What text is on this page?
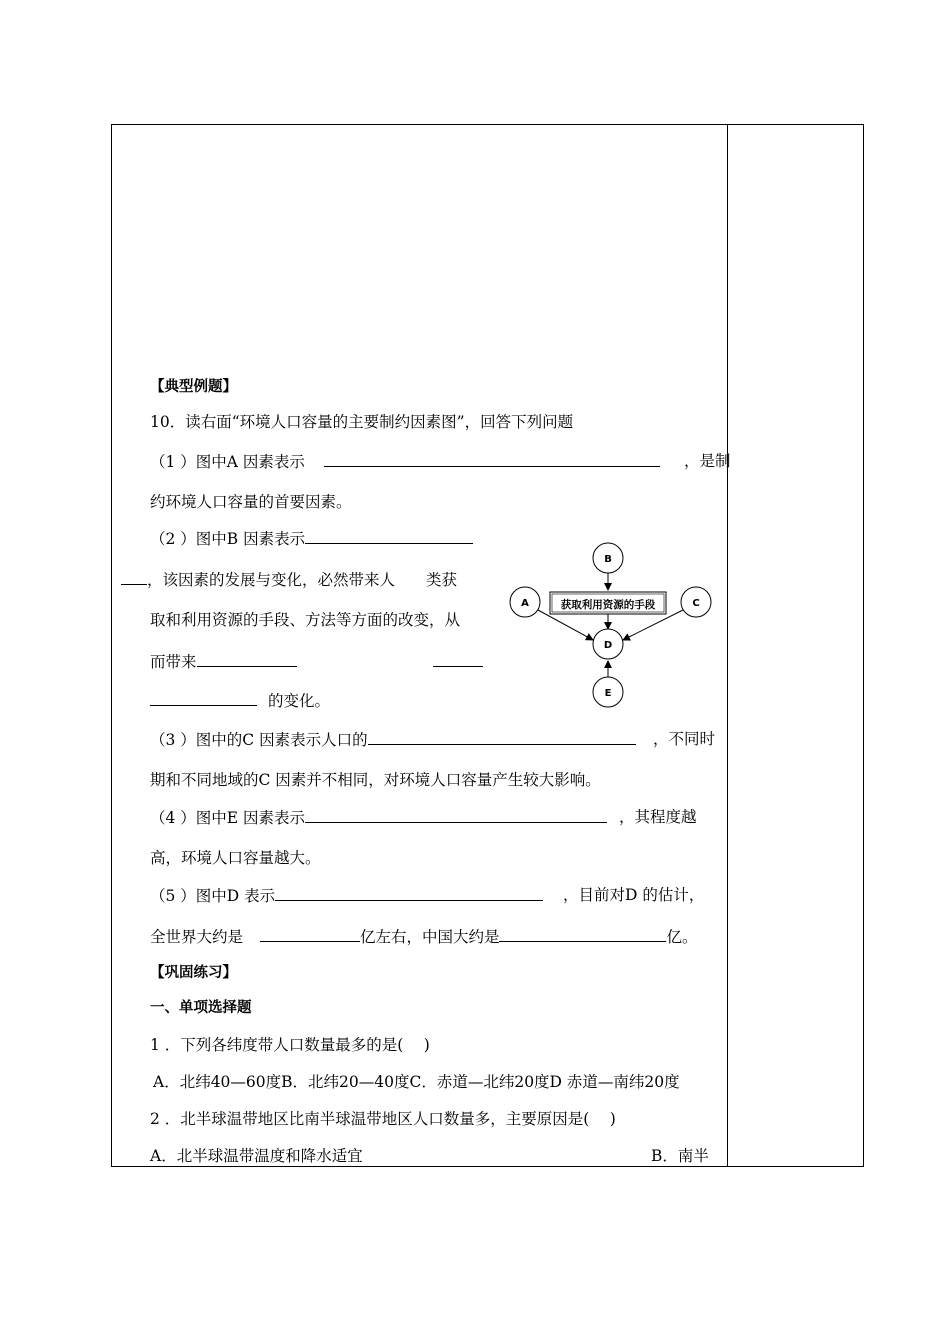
【典型例题】
10．读右面“环境人口容量的主要制约因素图”，回答下列问题
（1 ）图中A 因素表示	，是制
约环境人口容量的首要因素。
（2 ）图中B 因素表示
，该因素的发展与变化，必然带来人　　类获
取和利用资源的手段、方法等方面的改变，从
而带来
的变化。
B
获取利用资源的手段
A	C
D
E
（3 ）图中的C 因素表示人口的	，不同时
期和不同地域的C 因素并不相同，对环境人口容量产生较大影响。
（4 ）图中E 因素表示	，其程度越
高，环境人口容量越大。
（5 ）图中D 表示	，目前对D 的估计，
全世界大约是	亿左右，中国大约是	亿。
【巩固练习】
一、单项选择题
1 ．下列各纬度带人口数量最多的是(　 )
A．北纬40—60度B．北纬20—40度C．赤道—北纬20度D 赤道—南纬20度
2 ．北半球温带地区比南半球温带地区人口数量多，主要原因是(　 )
A．北半球温带温度和降水适宜	B．南半
